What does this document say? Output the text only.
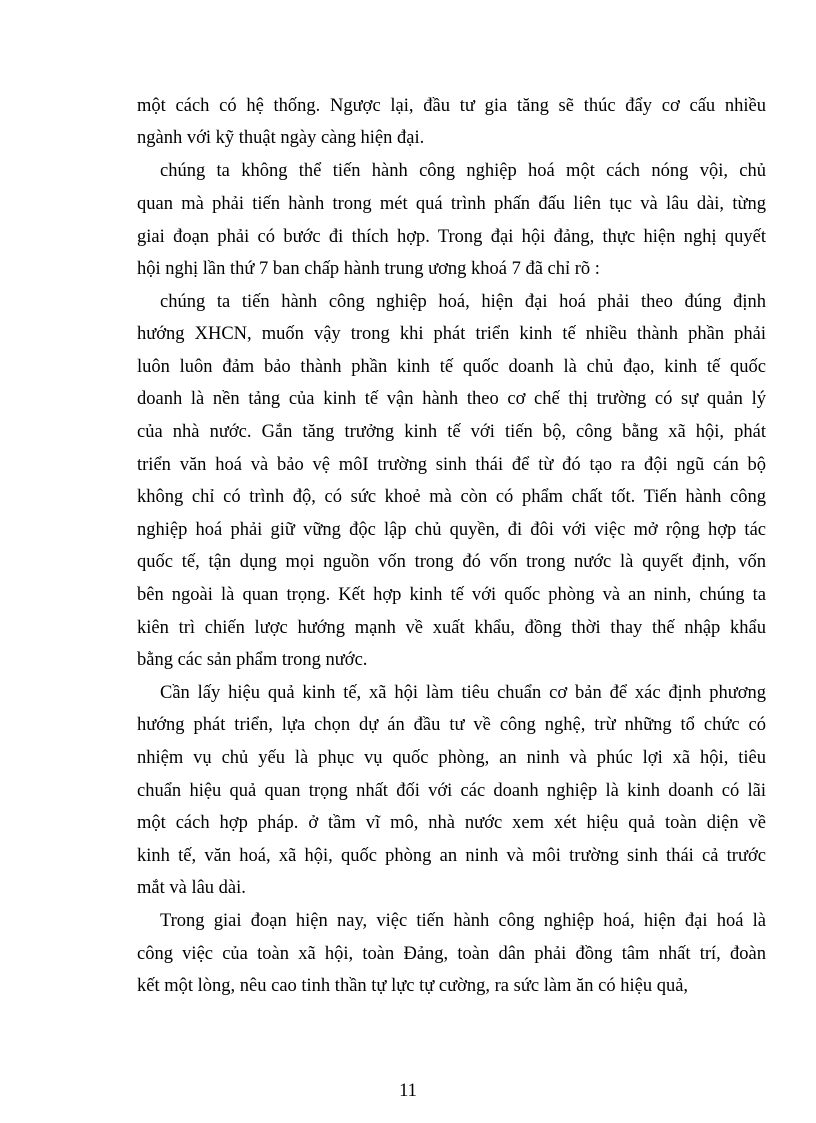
một cách có hệ thống. Ngược lại, đầu tư gia tăng sẽ thúc đẩy cơ cấu nhiều
ngành với kỹ thuật ngày càng hiện đại.
chúng ta không thể tiến hành công nghiệp hoá một cách nóng vội, chủ
quan mà phải tiến hành trong mét quá trình phấn đấu liên tục và lâu dài, từng
giai đoạn phải có bước đi thích hợp. Trong đại hội đảng, thực hiện nghị quyết
hội nghị lần thứ 7 ban chấp hành trung ương khoá 7 đã chỉ rõ :
chúng ta tiến hành công nghiệp hoá, hiện đại hoá phải theo đúng định
hướng XHCN, muốn vậy trong khi phát triển kinh tế nhiều thành phần phải
luôn luôn đảm bảo thành phần kinh tế quốc doanh là chủ đạo, kinh tế quốc
doanh là nền tảng của kinh tế vận hành theo cơ chế thị trường có sự quản lý
của nhà nước. Gắn tăng trưởng kinh tế với tiến bộ, công bằng xã hội, phát
triển văn hoá và bảo vệ môI trường sinh thái để từ đó tạo ra đội ngũ cán bộ
không chỉ có trình độ, có sức khoẻ mà còn có phẩm chất tốt. Tiến hành công
nghiệp hoá phải giữ vững độc lập chủ quyền, đi đôi với việc mở rộng hợp tác
quốc tế, tận dụng mọi nguồn vốn trong đó vốn trong nước là quyết định, vốn
bên ngoài là quan trọng. Kết hợp kinh tế với quốc phòng và an ninh, chúng ta
kiên trì chiến lược hướng mạnh về xuất khẩu, đồng thời thay thế nhập khẩu
bằng các sản phẩm trong nước.
Cần lấy hiệu quả kinh tế, xã hội làm tiêu chuẩn cơ bản để xác định phương
hướng phát triển, lựa chọn dự án đầu tư về công nghệ, trừ những tổ chức có
nhiệm vụ chủ yếu là phục vụ quốc phòng, an ninh và phúc lợi xã hội, tiêu
chuẩn hiệu quả quan trọng nhất đối với các doanh nghiệp là kinh doanh có lãi
một cách hợp pháp. ở tầm vĩ mô, nhà nước xem xét hiệu quả toàn diện về
kinh tế, văn hoá, xã hội, quốc phòng an ninh và môi trường sinh thái cả trước
mắt và lâu dài.
Trong giai đoạn hiện nay, việc tiến hành công nghiệp hoá, hiện đại hoá là
công việc của toàn xã hội, toàn Đảng, toàn dân phải đồng tâm nhất trí, đoàn
kết một lòng, nêu cao tinh thần tự lực tự cường, ra sức làm ăn có hiệu quả,
11
